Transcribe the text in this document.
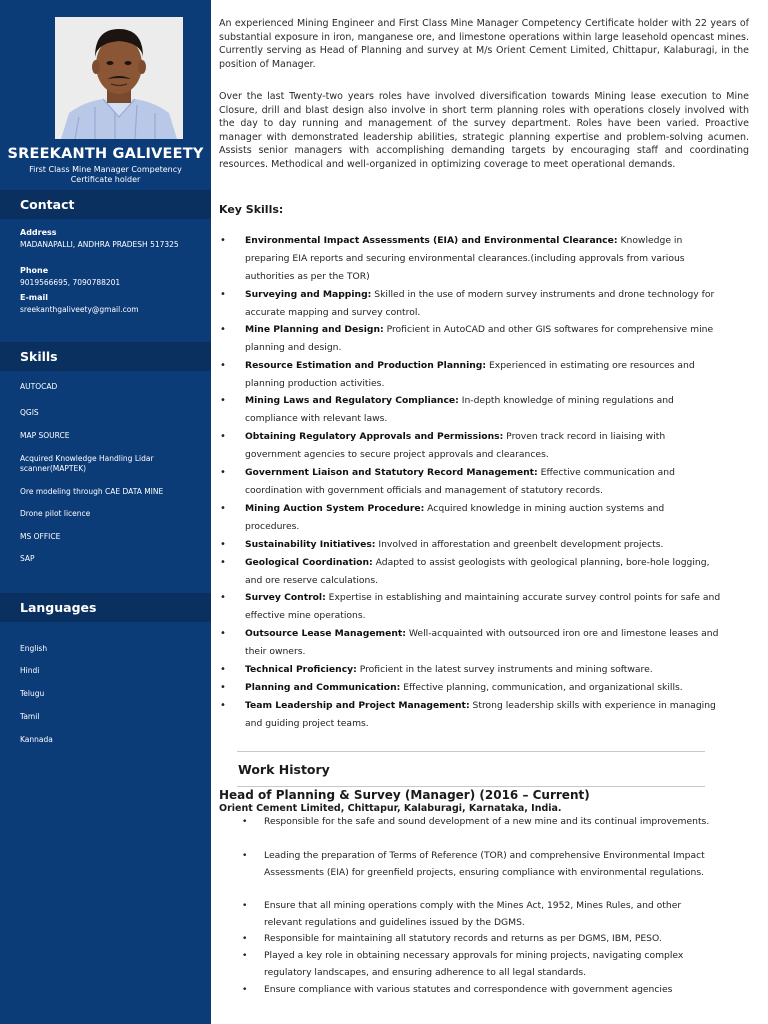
SREEKANTH GALIVEETY
First Class Mine Manager Competency Certificate holder
Contact
Address
MADANAPALLI, ANDHRA PRADESH 517325
Phone
9019566695, 7090788201
E-mail
sreekanthgaliveety@gmail.com
Skills
AUTOCAD
QGIS
MAP SOURCE
Acquired Knowledge Handling Lidar scanner(MAPTEK)
Ore modeling through CAE DATA MINE
Drone pilot licence
MS OFFICE
SAP
Languages
English
Hindi
Telugu
Tamil
Kannada

An experienced Mining Engineer and First Class Mine Manager Competency Certificate holder with 22 years of substantial exposure in iron, manganese ore, and limestone operations within large leasehold opencast mines. Currently serving as Head of Planning and survey at M/s Orient Cement Limited, Chittapur, Kalaburagi, in the position of Manager.

Over the last Twenty-two years roles have involved diversification towards Mining lease execution to Mine Closure, drill and blast design also involve in short term planning roles with operations closely involved with the day to day running and management of the survey department. Roles have been varied. Proactive manager with demonstrated leadership abilities, strategic planning expertise and problem-solving acumen. Assists senior managers with accomplishing demanding targets by encouraging staff and coordinating resources. Methodical and well-organized in optimizing coverage to meet operational demands.

Key Skills:
• Environmental Impact Assessments (EIA) and Environmental Clearance: Knowledge in preparing EIA reports and securing environmental clearances.(including approvals from various authorities as per the TOR)
• Surveying and Mapping: Skilled in the use of modern survey instruments and drone technology for accurate mapping and survey control.
• Mine Planning and Design: Proficient in AutoCAD and other GIS softwares for comprehensive mine planning and design.
• Resource Estimation and Production Planning: Experienced in estimating ore resources and planning production activities.
• Mining Laws and Regulatory Compliance: In-depth knowledge of mining regulations and compliance with relevant laws.
• Obtaining Regulatory Approvals and Permissions: Proven track record in liaising with government agencies to secure project approvals and clearances.
• Government Liaison and Statutory Record Management: Effective communication and coordination with government officials and management of statutory records.
• Mining Auction System Procedure: Acquired knowledge in mining auction systems and procedures.
• Sustainability Initiatives: Involved in afforestation and greenbelt development projects.
• Geological Coordination: Adapted to assist geologists with geological planning, bore-hole logging, and ore reserve calculations.
• Survey Control: Expertise in establishing and maintaining accurate survey control points for safe and effective mine operations.
• Outsource Lease Management: Well-acquainted with outsourced iron ore and limestone leases and their owners.
• Technical Proficiency: Proficient in the latest survey instruments and mining software.
• Planning and Communication: Effective planning, communication, and organizational skills.
• Team Leadership and Project Management: Strong leadership skills with experience in managing and guiding project teams.
Work History
Head of Planning & Survey (Manager) (2016 – Current)
Orient Cement Limited, Chittapur, Kalaburagi, Karnataka, India.
• Responsible for the safe and sound development of a new mine and its continual improvements.
• Leading the preparation of Terms of Reference (TOR) and comprehensive Environmental Impact Assessments (EIA) for greenfield projects, ensuring compliance with environmental regulations.
• Ensure that all mining operations comply with the Mines Act, 1952, Mines Rules, and other relevant regulations and guidelines issued by the DGMS.
• Responsible for maintaining all statutory records and returns as per DGMS, IBM, PESO.
• Played a key role in obtaining necessary approvals for mining projects, navigating complex regulatory landscapes, and ensuring adherence to all legal standards.
• Ensure compliance with various statutes and correspondence with government agencies
